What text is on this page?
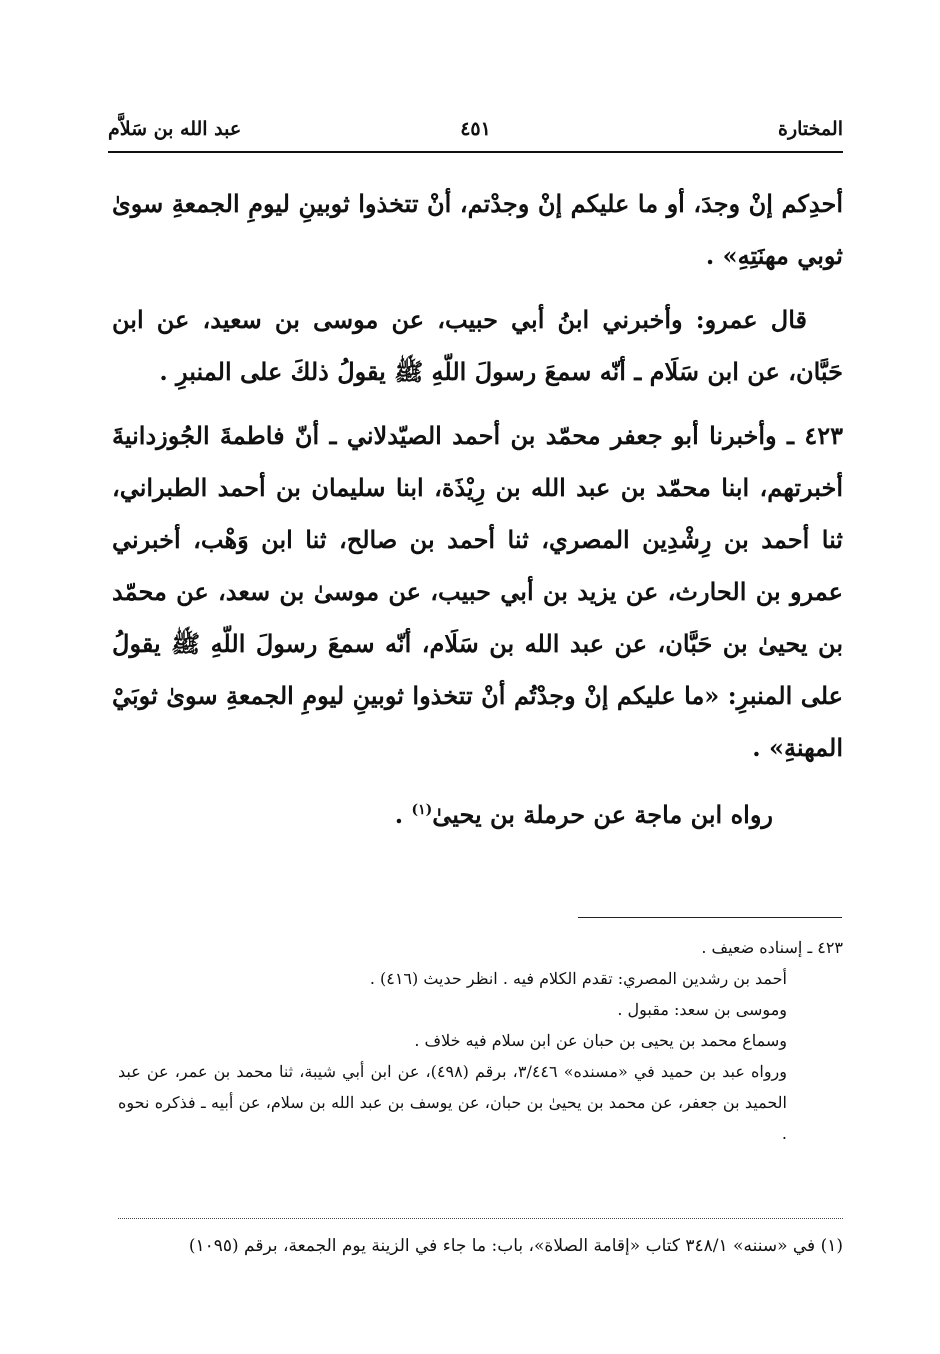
المختارة
٤٥١
عبد الله بن سَلاَّم

أحدِكم إنْ وجدَ، أو ما عليكم إنْ وجدْتم، أنْ تتخذوا ثوبينِ ليومِ الجمعةِ سوىٰ ثوبي مهنَتِهِ» .

قال عمرو: وأخبرني ابنُ أبي حبيب، عن موسى بن سعيد، عن ابن حَبَّان، عن ابن سَلَام ـ أنّه سمعَ رسولَ اللّهِ ﷺ يقولُ ذلكَ على المنبرِ .

٤٢٣ ـ وأخبرنا أبو جعفر محمّد بن أحمد الصيّدلاني ـ أنّ فاطمةَ الجُوزدانيةَ أخبرتهم، ابنا محمّد بن عبد الله بن رِيْذَة، ابنا سليمان بن أحمد الطبراني، ثنا أحمد بن رِشْدِين المصري، ثنا أحمد بن صالح، ثنا ابن وَهْب، أخبرني عمرو بن الحارث، عن يزيد بن أبي حبيب، عن موسىٰ بن سعد، عن محمّد بن يحيىٰ بن حَبَّان، عن عبد الله بن سَلَام، أنّه سمعَ رسولَ اللّهِ ﷺ يقولُ على المنبرِ: «ما عليكم إنْ وجدْتُم أنْ تتخذوا ثوبينِ ليومِ الجمعةِ سوىٰ ثوبَيْ المهنةِ» .

رواه ابن ماجة عن حرملة بن يحيىٰ$^{(١)}$ .

٤٢٣ ـ إسناده ضعيف .

أحمد بن رشدين المصري: تقدم الكلام فيه . انظر حديث (٤١٦) .

وموسى بن سعد: مقبول .

وسماع محمد بن يحيى بن حبان عن ابن سلام فيه خلاف .

ورواه عبد بن حميد في «مسنده» ٣/٤٤٦، برقم (٤٩٨)، عن ابن أبي شيبة، ثنا محمد بن عمر، عن عبد الحميد بن جعفر، عن محمد بن يحيىٰ بن حبان، عن يوسف بن عبد الله بن سلام، عن أبيه ـ فذكره نحوه .

(١) في «سننه» ٣٤٨/١ كتاب «إقامة الصلاة»، باب: ما جاء في الزينة يوم الجمعة، برقم (١٠٩٥)
